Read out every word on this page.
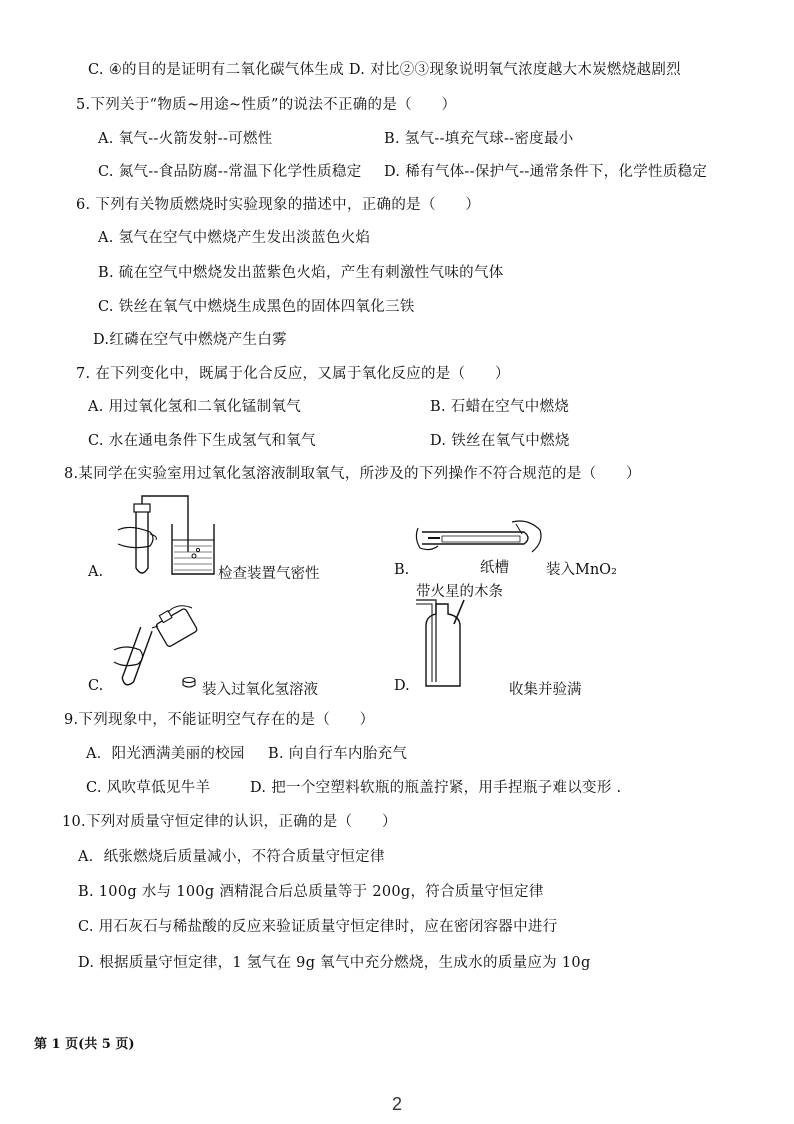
C. ④的目的是证明有二氧化碳气体生成 D. 对比②③现象说明氧气浓度越大木炭燃烧越剧烈
5.下列关于“物质~用途~性质”的说法不正确的是（　　）
A. 氧气--火箭发射--可燃性	B. 氢气--填充气球--密度最小
C. 氮气--食品防腐--常温下化学性质稳定 D. 稀有气体--保护气--通常条件下，化学性质稳定
6. 下列有关物质燃烧时实验现象的描述中，正确的是（　　）
A. 氢气在空气中燃烧产生发出淡蓝色火焰
B. 硫在空气中燃烧发出蓝紫色火焰，产生有刺激性气味的气体
C. 铁丝在氧气中燃烧生成黑色的固体四氧化三铁
D.红磷在空气中燃烧产生白雾
7. 在下列变化中，既属于化合反应，又属于氧化反应的是（　　）
A. 用过氧化氢和二氧化锰制氧气	B. 石蜡在空气中燃烧
C. 水在通电条件下生成氢气和氧气	D. 铁丝在氧气中燃烧
8.某同学在实验室用过氧化氢溶液制取氧气，所涉及的下列操作不符合规范的是（　　）
A.	检查装置气密性	B.	纸槽	装入MnO₂
C.	装入过氧化氢溶液	D.
带火星的木条
收集并验满
9.下列现象中，不能证明空气存在的是（　　）
A．阳光洒满美丽的校园 B. 向自行车内胎充气
C. 风吹草低见牛羊	D. 把一个空塑料软瓶的瓶盖拧紧，用手捏瓶子难以变形 .
10.下列对质量守恒定律的认识，正确的是（　　）
A．纸张燃烧后质量减小，不符合质量守恒定律
B. 100g 水与 100g 酒精混合后总质量等于 200g，符合质量守恒定律
C. 用石灰石与稀盐酸的反应来验证质量守恒定律时，应在密闭容器中进行
D. 根据质量守恒定律，1 氢气在 9g 氧气中充分燃烧，生成水的质量应为 10g
第 1 页(共 5 页)
2
